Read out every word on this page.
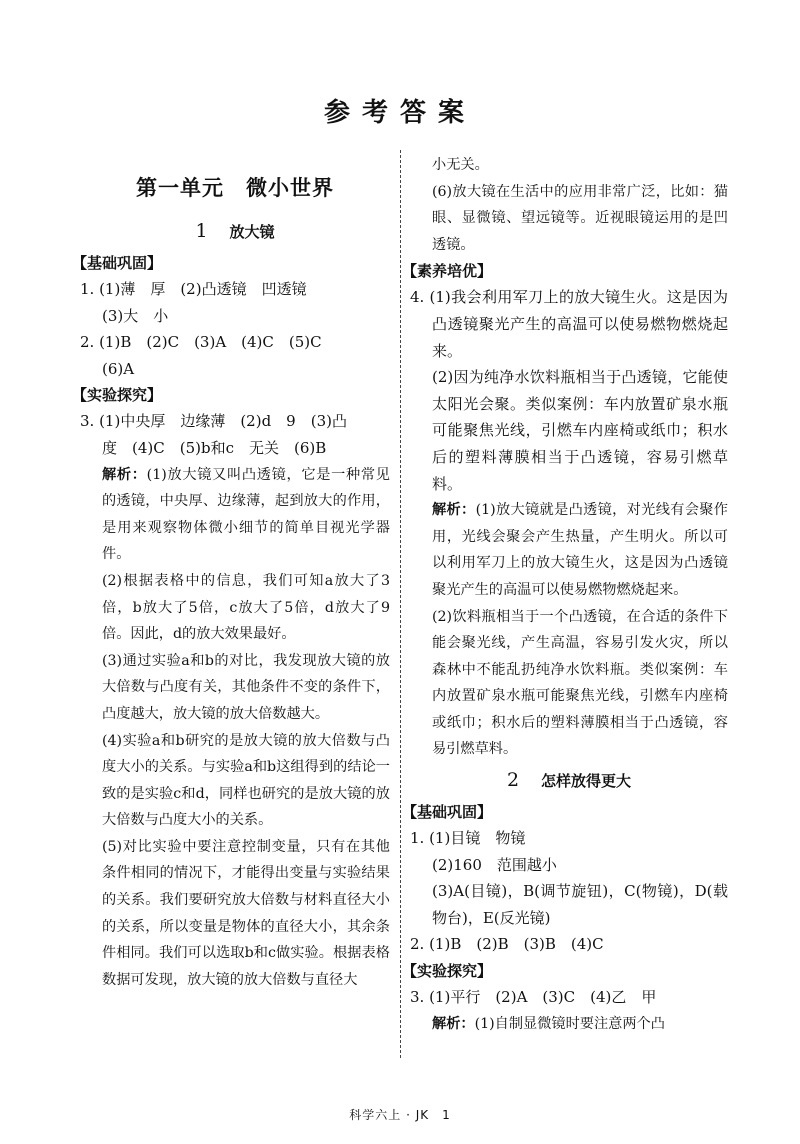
参考答案
第一单元　微小世界
1 放大镜
【基础巩固】

1. (1)薄　厚　(2)凸透镜　凹透镜

(3)大　小

2. (1)B　(2)C　(3)A　(4)C　(5)C

(6)A

【实验探究】

3. (1)中央厚　边缘薄　(2)d　9　(3)凸

度　(4)C　(5)b和c　无关　(6)B

解析：(1)放大镜又叫凸透镜，它是一种常见的透镜，中央厚、边缘薄，起到放大的作用，是用来观察物体微小细节的简单目视光学器件。

(2)根据表格中的信息，我们可知a放大了3倍，b放大了5倍，c放大了5倍，d放大了9倍。因此，d的放大效果最好。

(3)通过实验a和b的对比，我发现放大镜的放大倍数与凸度有关，其他条件不变的条件下，凸度越大，放大镜的放大倍数越大。

(4)实验a和b研究的是放大镜的放大倍数与凸度大小的关系。与实验a和b这组得到的结论一致的是实验c和d，同样也研究的是放大镜的放大倍数与凸度大小的关系。

(5)对比实验中要注意控制变量，只有在其他条件相同的情况下，才能得出变量与实验结果的关系。我们要研究放大倍数与材料直径大小的关系，所以变量是物体的直径大小，其余条件相同。我们可以选取b和c做实验。根据表格数据可发现，放大镜的放大倍数与直径大

小无关。

(6)放大镜在生活中的应用非常广泛，比如：猫眼、显微镜、望远镜等。近视眼镜运用的是凹透镜。

【素养培优】

4. (1)我会利用军刀上的放大镜生火。这是因为凸透镜聚光产生的高温可以使易燃物燃烧起来。

(2)因为纯净水饮料瓶相当于凸透镜，它能使太阳光会聚。类似案例：车内放置矿泉水瓶可能聚焦光线，引燃车内座椅或纸巾；积水后的塑料薄膜相当于凸透镜，容易引燃草料。

解析：(1)放大镜就是凸透镜，对光线有会聚作用，光线会聚会产生热量，产生明火。所以可以利用军刀上的放大镜生火，这是因为凸透镜聚光产生的高温可以使易燃物燃烧起来。

(2)饮料瓶相当于一个凸透镜，在合适的条件下能会聚光线，产生高温，容易引发火灾，所以森林中不能乱扔纯净水饮料瓶。类似案例：车内放置矿泉水瓶可能聚焦光线，引燃车内座椅或纸巾；积水后的塑料薄膜相当于凸透镜，容易引燃草料。

2 怎样放得更大
【基础巩固】

1. (1)目镜　物镜

(2)160　范围越小

(3)A(目镜)，B(调节旋钮)，C(物镜)，D(载物台)，E(反光镜)

2. (1)B　(2)B　(3)B　(4)C

【实验探究】

3. (1)平行　(2)A　(3)C　(4)乙　甲

解析：(1)自制显微镜时要注意两个凸

科学六上 · JK　1
